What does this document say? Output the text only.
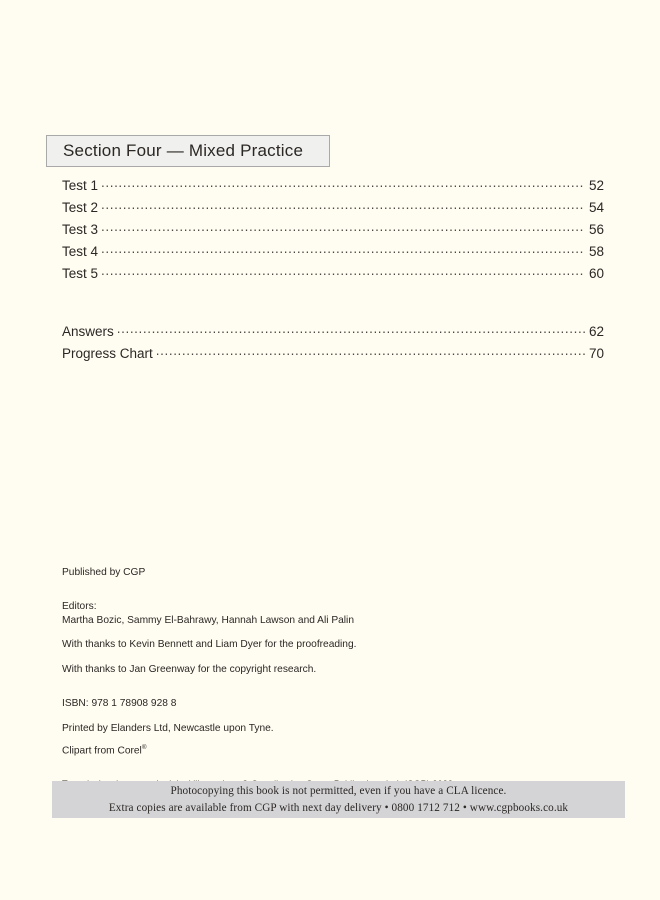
Section Four — Mixed Practice
Test 1 .....	52
Test 2 .....	54
Test 3 .....	56
Test 4 .....	58
Test 5 .....	60
Answers .....	62
Progress Chart .....	70

Published by CGP

Editors:

Martha Bozic, Sammy El-Bahrawy, Hannah Lawson and Ali Palin

With thanks to Kevin Bennett and Liam Dyer for the proofreading.

With thanks to Jan Greenway for the copyright research.

ISBN: 978 1 78908 928 8

Printed by Elanders Ltd, Newcastle upon Tyne.

Clipart from Corel®

Photocopying this book is not permitted, even if you have a CLA licence.
Extra copies are available from CGP with next day delivery • 0800 1712 712 • www.cgpbooks.co.uk
